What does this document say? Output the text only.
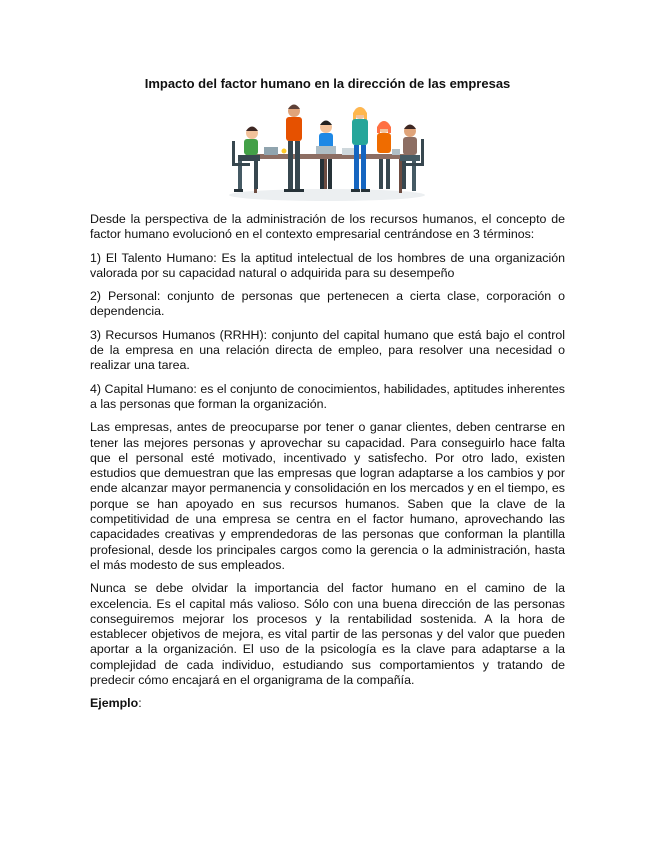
Impacto del factor humano en la dirección de las empresas

Desde la perspectiva de la administración de los recursos humanos, el concepto de factor humano evolucionó en el contexto empresarial centrándose en 3 términos:

1) El Talento Humano: Es la aptitud intelectual de los hombres de una organización valorada por su capacidad natural o adquirida para su desempeño

2) Personal: conjunto de personas que pertenecen a cierta clase, corporación o dependencia.

3) Recursos Humanos (RRHH): conjunto del capital humano que está bajo el control de la empresa en una relación directa de empleo, para resolver una necesidad o realizar una tarea.

4) Capital Humano: es el conjunto de conocimientos, habilidades, aptitudes inherentes a las personas que forman la organización.

Las empresas, antes de preocuparse por tener o ganar clientes, deben centrarse en tener las mejores personas y aprovechar su capacidad. Para conseguirlo hace falta que el personal esté motivado, incentivado y satisfecho. Por otro lado, existen estudios que demuestran que las empresas que logran adaptarse a los cambios y por ende alcanzar mayor permanencia y consolidación en los mercados y en el tiempo, es porque se han apoyado en sus recursos humanos. Saben que la clave de la competitividad de una empresa se centra en el factor humano, aprovechando las capacidades creativas y emprendedoras de las personas que conforman la plantilla profesional, desde los principales cargos como la gerencia o la administración, hasta el más modesto de sus empleados.

Nunca se debe olvidar la importancia del factor humano en el camino de la excelencia. Es el capital más valioso. Sólo con una buena dirección de las personas conseguiremos mejorar los procesos y la rentabilidad sostenida. A la hora de establecer objetivos de mejora, es vital partir de las personas y del valor que pueden aportar a la organización. El uso de la psicología es la clave para adaptarse a la complejidad de cada individuo, estudiando sus comportamientos y tratando de predecir cómo encajará en el organigrama de la compañía.

Ejemplo:
